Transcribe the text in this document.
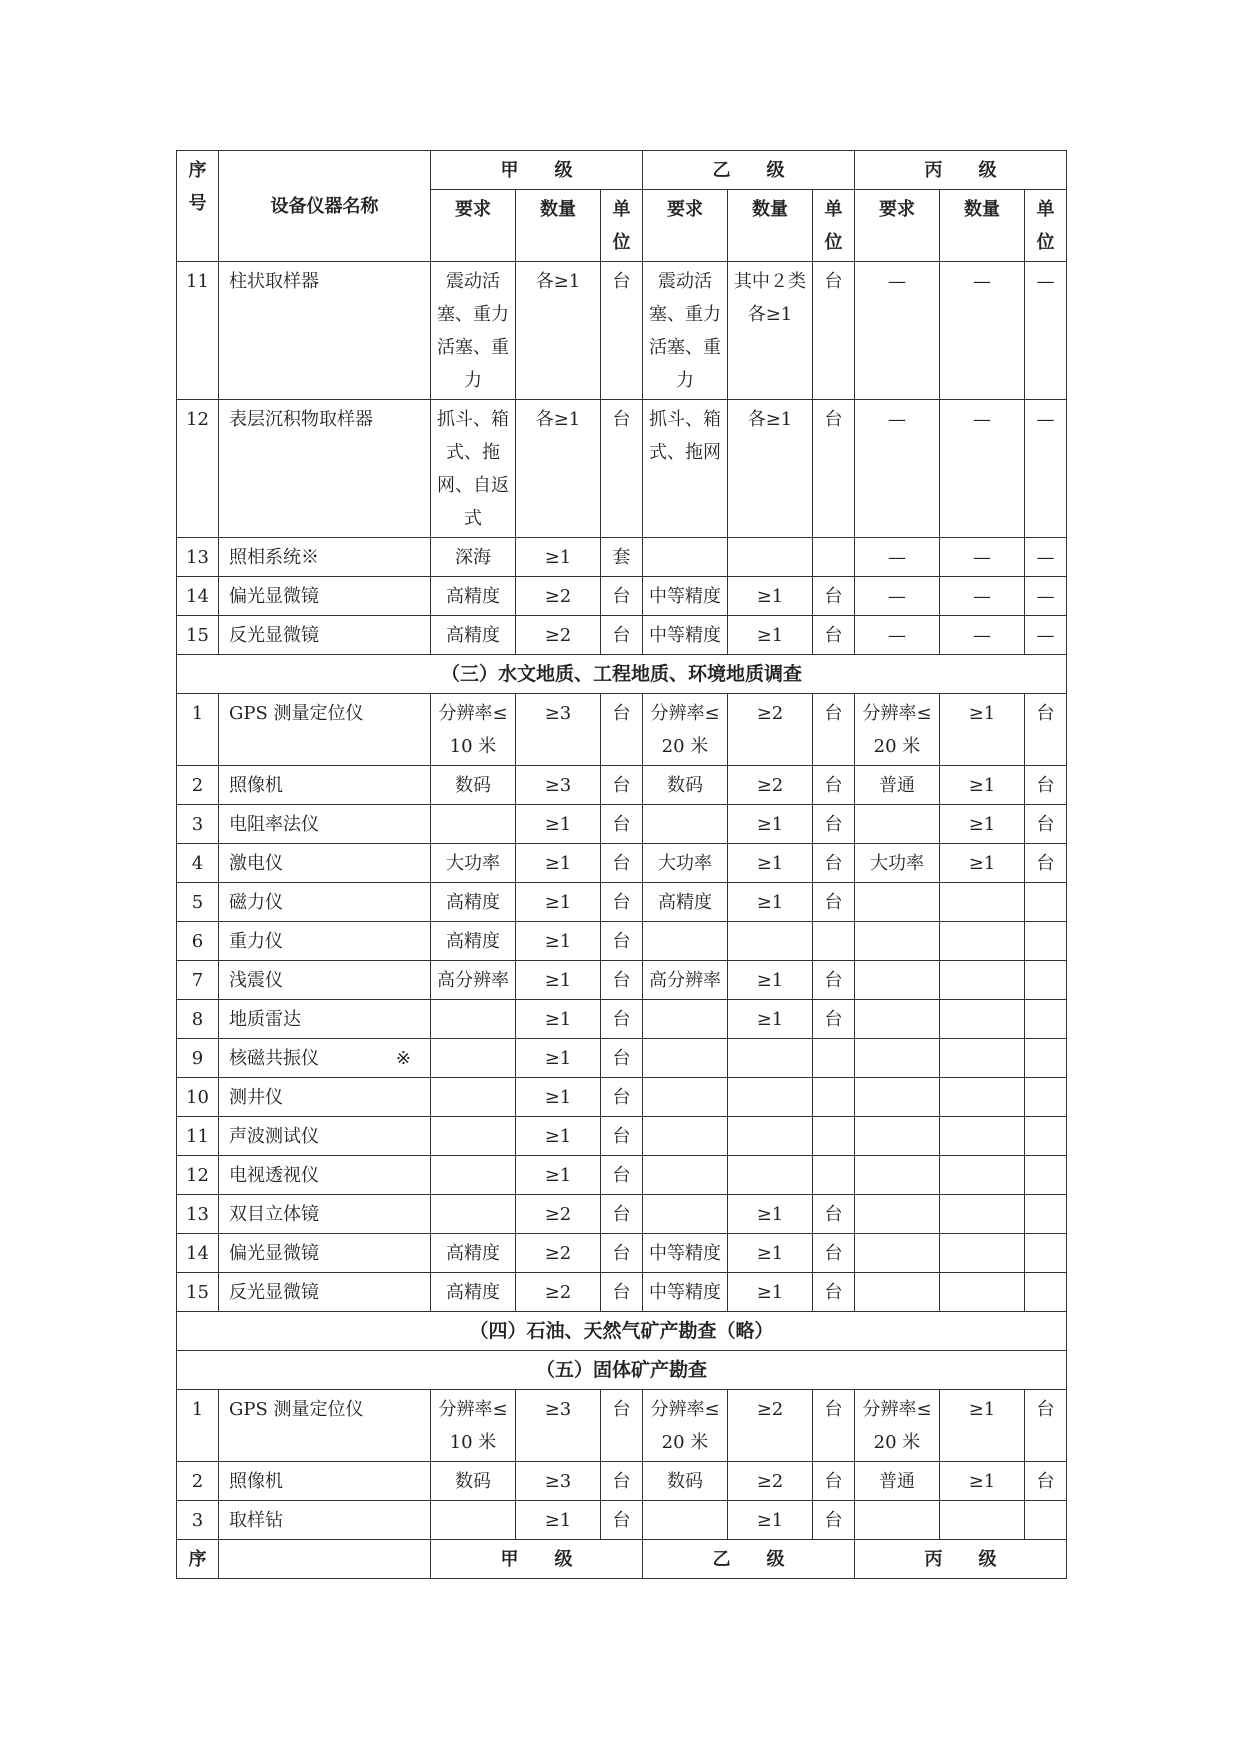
序号	设备仪器名称	甲　　级			乙　　级			丙　　级		
		要求	数量	单位	要求	数量	单位	要求	数量	单位
11	柱状取样器	震动活塞、重力活塞、重力	各≥1	台	震动活塞、重力活塞、重力	其中２类各≥1	台	—	—	—
12	表层沉积物取样器	抓斗、箱式、拖网、自返式	各≥1	台	抓斗、箱式、拖网	各≥1	台	—	—	—
13	照相系统※	深海	≥1	套				—	—	—
14	偏光显微镜	高精度	≥2	台	中等精度	≥1	台	—	—	—
15	反光显微镜	高精度	≥2	台	中等精度	≥1	台	—	—	—
（三）水文地质、工程地质、环境地质调查										
1	GPS 测量定位仪	分辨率≤10 米	≥3	台	分辨率≤20 米	≥2	台	分辨率≤20 米	≥1	台
2	照像机	数码	≥3	台	数码	≥2	台	普通	≥1	台
3	电阻率法仪		≥1	台		≥1	台		≥1	台
4	激电仪	大功率	≥1	台	大功率	≥1	台	大功率	≥1	台
5	磁力仪	高精度	≥1	台	高精度	≥1	台			
6	重力仪	高精度	≥1	台						
7	浅震仪	高分辨率	≥1	台	高分辨率	≥1	台			
8	地质雷达		≥1	台		≥1	台			
9	核磁共振仪 ※		≥1	台						
10	测井仪		≥1	台						
11	声波测试仪		≥1	台						
12	电视透视仪		≥1	台						
13	双目立体镜		≥2	台		≥1	台			
14	偏光显微镜	高精度	≥2	台	中等精度	≥1	台			
15	反光显微镜	高精度	≥2	台	中等精度	≥1	台			
（四）石油、天然气矿产勘查（略）										
（五）固体矿产勘查										
1	GPS 测量定位仪	分辨率≤10 米	≥3	台	分辨率≤20 米	≥2	台	分辨率≤20 米	≥1	台
2	照像机	数码	≥3	台	数码	≥2	台	普通	≥1	台
3	取样钻		≥1	台		≥1	台			
序		甲　　级			乙　　级			丙　　级		
